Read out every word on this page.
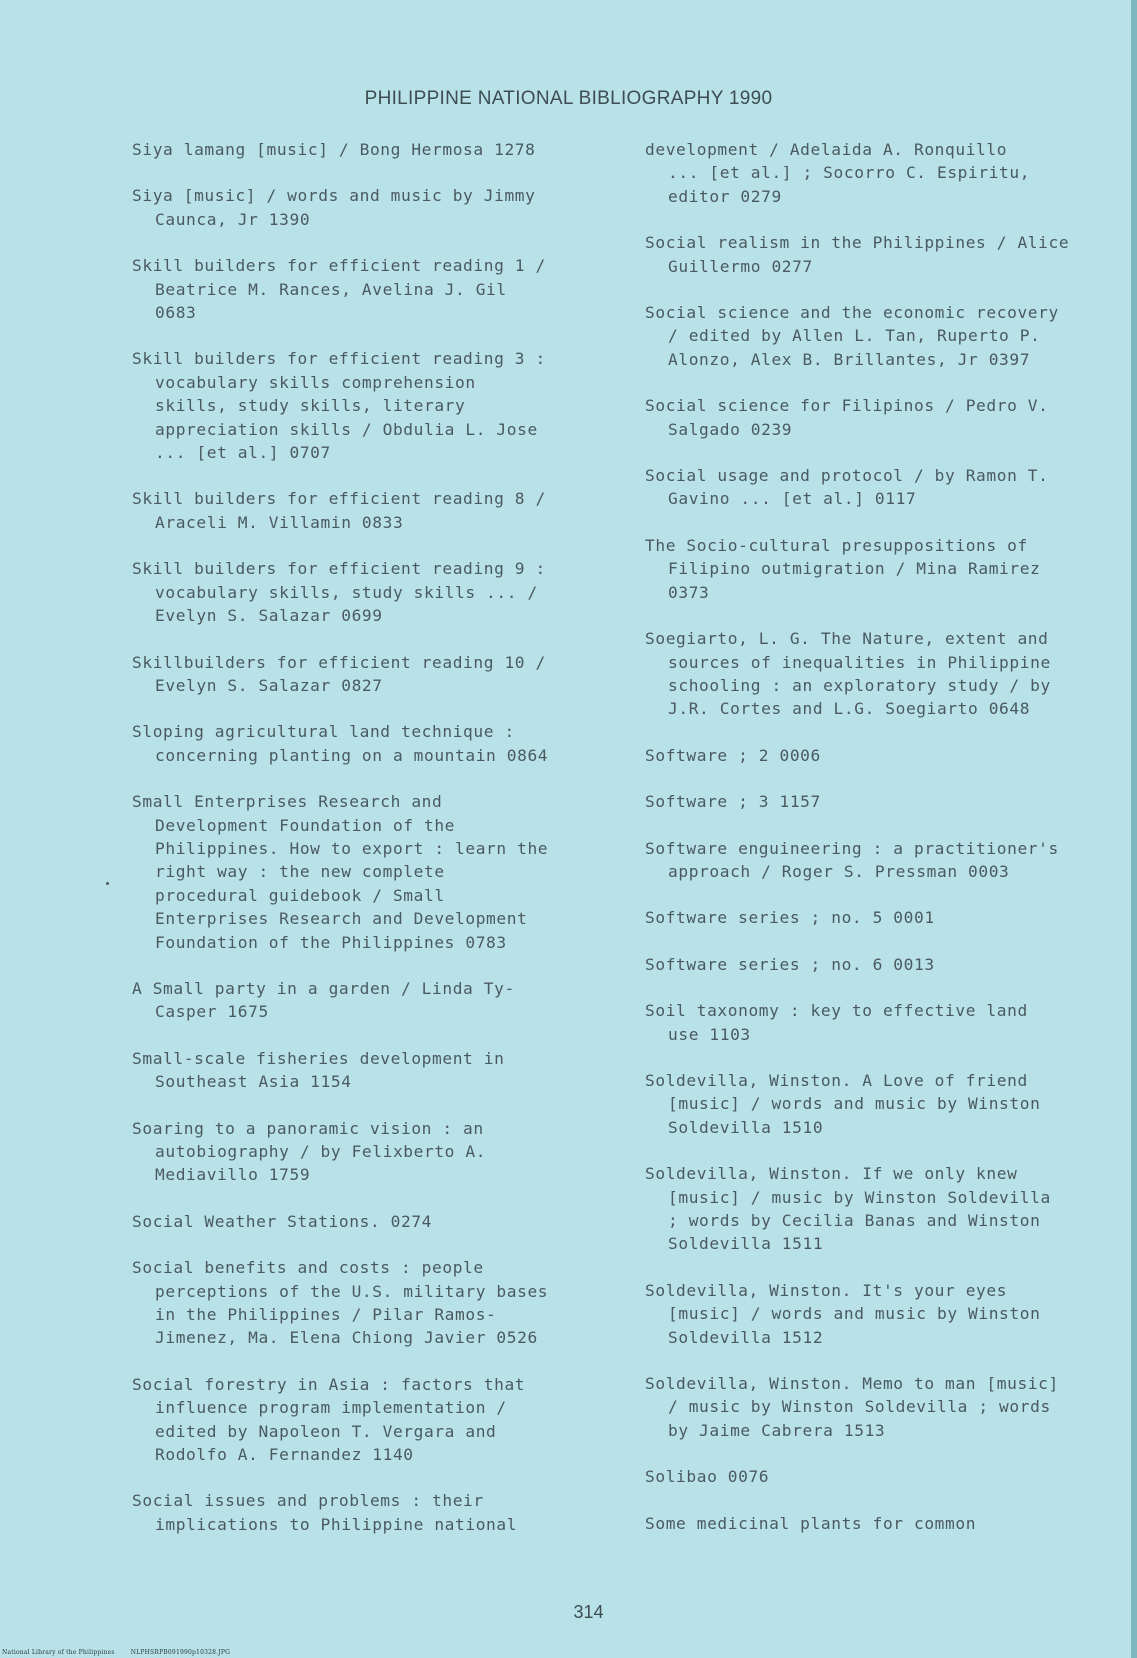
PHILIPPINE NATIONAL BIBLIOGRAPHY 1990
Siya lamang [music] / Bong Hermosa 1278
Siya [music] / words and music by Jimmy
Caunca, Jr 1390
Skill builders for efficient reading 1 /
Beatrice M. Rances, Avelina J. Gil
0683
Skill builders for efficient reading 3 :
vocabulary skills comprehension
skills, study skills, literary
appreciation skills / Obdulia L. Jose
... [et al.] 0707
Skill builders for efficient reading 8 /
Araceli M. Villamin 0833
Skill builders for efficient reading 9 :
vocabulary skills, study skills ... /
Evelyn S. Salazar 0699
Skillbuilders for efficient reading 10 /
Evelyn S. Salazar 0827
Sloping agricultural land technique :
concerning planting on a mountain 0864
Small Enterprises Research and
Development Foundation of the
Philippines. How to export : learn the
right way : the new complete
procedural guidebook / Small
Enterprises Research and Development
Foundation of the Philippines 0783
A Small party in a garden / Linda Ty-
Casper 1675
Small-scale fisheries development in
Southeast Asia 1154
Soaring to a panoramic vision : an
autobiography / by Felixberto A.
Mediavillo 1759
Social Weather Stations. 0274
Social benefits and costs : people
perceptions of the U.S. military bases
in the Philippines / Pilar Ramos-
Jimenez, Ma. Elena Chiong Javier 0526
Social forestry in Asia : factors that
influence program implementation /
edited by Napoleon T. Vergara and
Rodolfo A. Fernandez 1140
Social issues and problems : their
implications to Philippine national
development / Adelaida A. Ronquillo
... [et al.] ; Socorro C. Espiritu,
editor 0279
Social realism in the Philippines / Alice
Guillermo 0277
Social science and the economic recovery
/ edited by Allen L. Tan, Ruperto P.
Alonzo, Alex B. Brillantes, Jr 0397
Social science for Filipinos / Pedro V.
Salgado 0239
Social usage and protocol / by Ramon T.
Gavino ... [et al.] 0117
The Socio-cultural presuppositions of
Filipino outmigration / Mina Ramirez
0373
Soegiarto, L. G. The Nature, extent and
sources of inequalities in Philippine
schooling : an exploratory study / by
J.R. Cortes and L.G. Soegiarto 0648
Software ; 2 0006
Software ; 3 1157
Software enguineering : a practitioner's
approach / Roger S. Pressman 0003
Software series ; no. 5 0001
Software series ; no. 6 0013
Soil taxonomy : key to effective land
use 1103
Soldevilla, Winston. A Love of friend
[music] / words and music by Winston
Soldevilla 1510
Soldevilla, Winston. If we only knew
[music] / music by Winston Soldevilla
; words by Cecilia Banas and Winston
Soldevilla 1511
Soldevilla, Winston. It's your eyes
[music] / words and music by Winston
Soldevilla 1512
Soldevilla, Winston. Memo to man [music]
/ music by Winston Soldevilla ; words
by Jaime Cabrera 1513
Solibao 0076
Some medicinal plants for common
314
National Library of the Philippines	NLPHSRPB091990p10328.JPG
